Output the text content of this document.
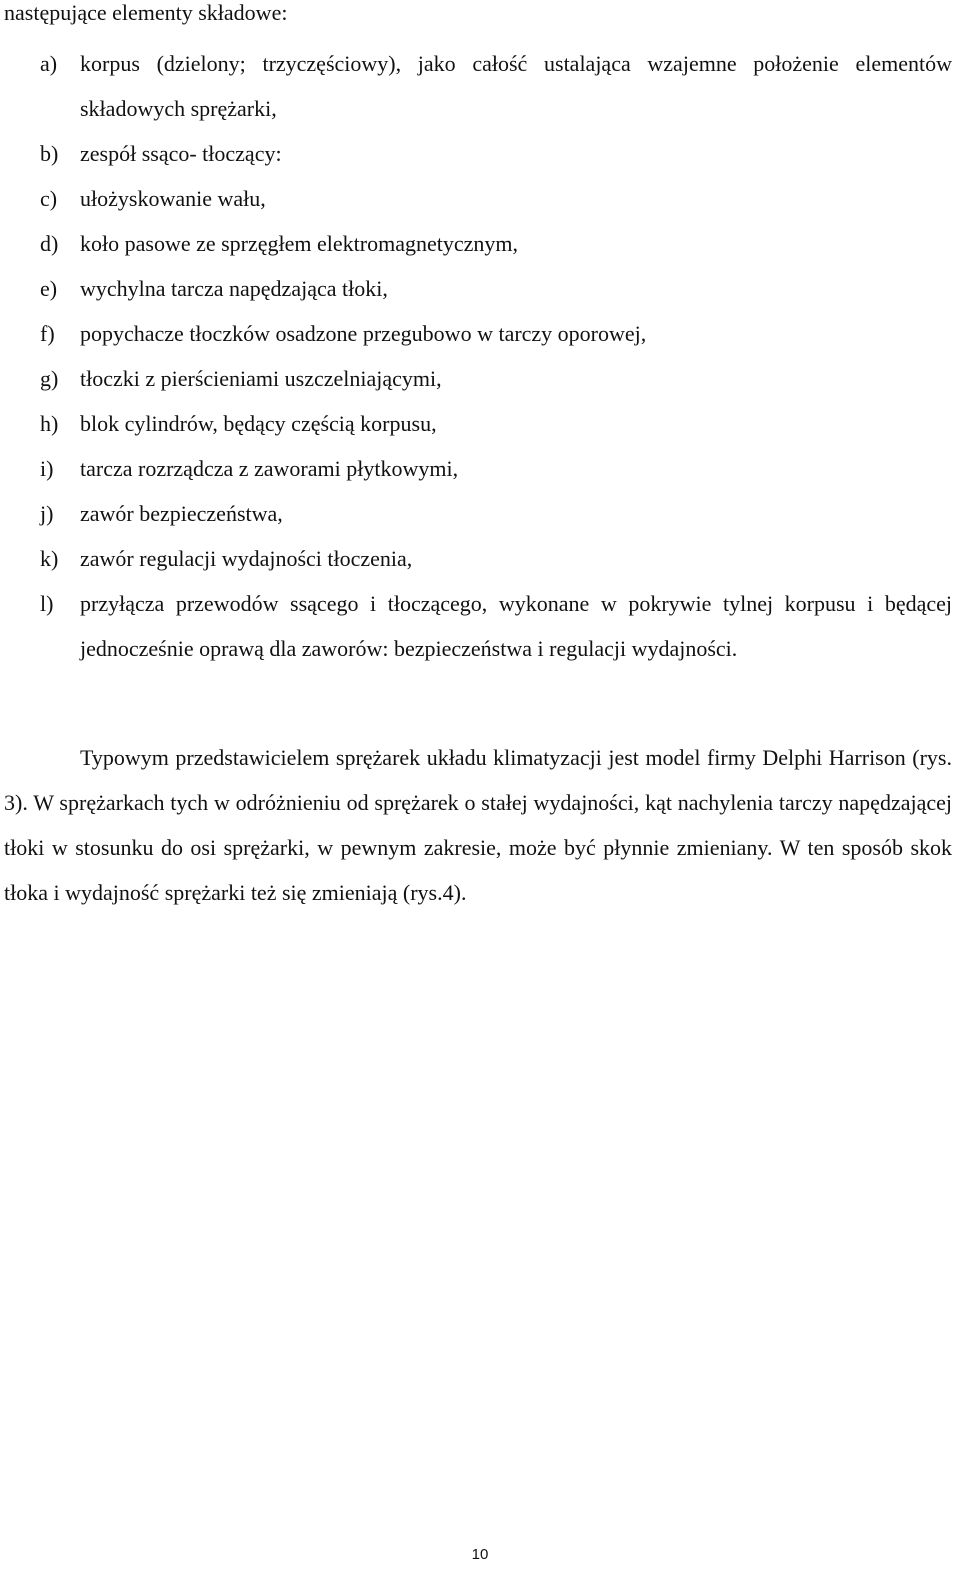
następujące elementy składowe:
a)	korpus (dzielony; trzyczęściowy), jako całość ustalająca wzajemne położenie elementów składowych sprężarki,
b) zespół ssąco- tłoczący:
c)	ułożyskowanie wału,
d) koło pasowe ze sprzęgłem elektromagnetycznym,
e)	wychylna tarcza napędzająca tłoki,
f)	popychacze tłoczków osadzone przegubowo w tarczy oporowej,
g) tłoczki z pierścieniami uszczelniającymi,
h) blok cylindrów, będący częścią korpusu,
i)	tarcza rozrządcza z zaworami płytkowymi,
j)	zawór bezpieczeństwa,
k) zawór regulacji wydajności tłoczenia,
l)	przyłącza przewodów ssącego i tłoczącego, wykonane w pokrywie tylnej korpusu i będącej jednocześnie oprawą dla zaworów: bezpieczeństwa i regulacji wydajności.

Typowym przedstawicielem sprężarek układu klimatyzacji jest model firmy Delphi Harrison (rys. 3). W sprężarkach tych w odróżnieniu od sprężarek o stałej wydajności, kąt nachylenia tarczy napędzającej tłoki w stosunku do osi sprężarki, w pewnym zakresie, może być płynnie zmieniany. W ten sposób skok tłoka i wydajność sprężarki też się zmieniają (rys.4).

10
